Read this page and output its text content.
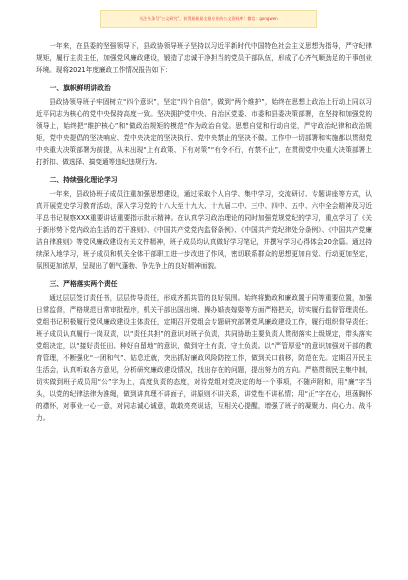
关注头条号“公文研究”，获得最新最全最专业的公文资料库！微信：gongwen

一年来，在县委的坚强领导下，县政协领导班子坚持以习近平新时代中国特色社会主义思想为指导，严守纪律规矩，履行主责主任，加强党风廉政建设，锻造了忠诚干净担当的党员干部队伍，形成了心齐气顺劲足的干事创业环境。现将2021年度廉政工作情况报告如下：

一、旗帜鲜明讲政治

县政协领导班子牢固树立“四个意识”，坚定“四个自信”，做到“两个维护”，始终在思想上政治上行动上同以习近平同志为核心的党中央保持高度一致。坚决拥护党中央、自治区党委、市委和县委决策部署，在坚持和加强党的领导上，始终把“维护核心”和“做政治规矩的模范”作为政治自觉。思想自觉和行动自觉，严守政治纪律和政治规矩，党中央提倡的坚决响应、党中央决定的坚决执行、党中央禁止的坚决不做。工作中一切部署和实施都以贯彻党中央重大决策部署为前提，从未出现“上有政策、下有对策”“有令不行，有禁不止”，在贯彻党中央重大决策部署上打折扣、做选择、搞变通等违纪违规行为。

二、持续强化理论学习

一年来，县政协班子成员注重加强思想建设，通过采取个人自学、集中学习，交流研讨、专题讲座等方式，认真开展党史学习教育活动，深入学习党的十八大至十九大、十九届二中、三中、四中、五中、六中全会精神及习近平总书记视察XXX重要讲话重要指示批示精神。在认真学习政治理论的同时加强党规党纪的学习，重点学习了《关于新形势下党内政治生活的若干准则》、《中国共产党党内监督条例》、《中国共产党纪律处分条例》、《中国共产党廉洁自律准则》等党风廉政建设有关文件精神，班子成员均认真做好学习笔记，并撰写学习心得体会20余篇。通过持续深入地学习，班子成员和机关全体干部职工进一步改进了作风，密切联系群众的思想更加自觉、行动更加坚定，氛围更加浓厚，呈现出了朝气蓬勃、争先争上的良好精神面貌。

三、严格落实两个责任

通过层层签订责任书，层层传导责任，形成齐抓共管的良好氛围。始终将勤政和廉政置于同等重要位置，加强日常监督，严格规范日常审批程序，机关干部出国出境、操办婚丧嫁娶等方面严格把关，切实履行监督管理责任。党组书记积极履行党风廉政建设主体责任，定期召开党组会专题研究部署党风廉政建设工作，履行组织督导责任；班子成员认真履行一岗双责，以“责任共担”的意识对班子负责，共同协助主要负责人贯彻落实上级规定，带头落实党组决定，以“接好责任田、种好自留地”的意识，做到守土有责、守土负责。以“严管厚爱”的意识加强对干部的教育管理，不断强化“一团和气”、姑息迁就，突出抓好廉政风险防控工作，做到关口前移，防范在先。定期召开民主生活会，认真听取各方意见，分析研究廉政建设情况，找出存在的问题，提出努力的方向。严格贯彻民主集中制，切实做到班子成员用“公”字为上，高度负责的态度，对待党组对党决定的每一个事项，不随声附和，用“廉”字当头，以党的纪律法律为准绳，做到讲真理不讲面子，讲原则不讲关系，讲党性不讲私情；用“正”字在心，坦荡胸怀的襟怀，对事业一心一意，对同志诚心诚意，敢敢亮亮说话，互相关心提醒，增强了班子的凝聚力、向心力、战斗力。
